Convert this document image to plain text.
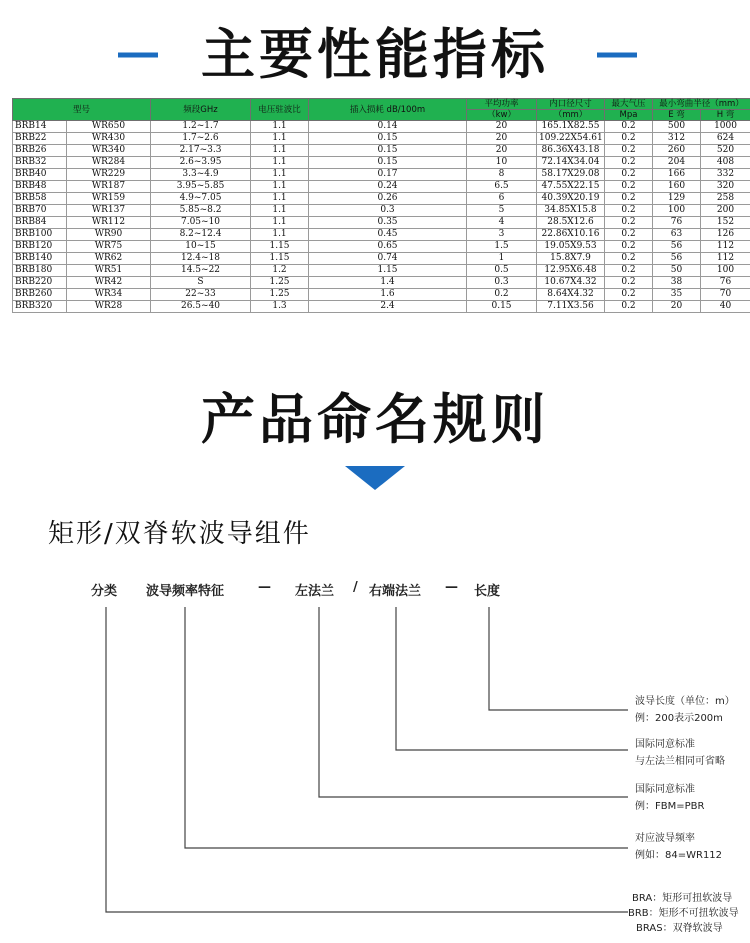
主要性能指标
型号		频段GHz	电压驻波比	插入损耗 dB/100m	平均功率	内口径尺寸	最大气压	最小弯曲半径（mm）	
					（kw）	（mm）	Mpa	E 弯	H 弯
BRB14	WR650	1.2~1.7	1.1	0.14	20	165.1X82.55	0.2	500	1000
BRB22	WR430	1.7~2.6	1.1	0.15	20	109.22X54.61	0.2	312	624
BRB26	WR340	2.17~3.3	1.1	0.15	20	86.36X43.18	0.2	260	520
BRB32	WR284	2.6~3.95	1.1	0.15	10	72.14X34.04	0.2	204	408
BRB40	WR229	3.3~4.9	1.1	0.17	8	58.17X29.08	0.2	166	332
BRB48	WR187	3.95~5.85	1.1	0.24	6.5	47.55X22.15	0.2	160	320
BRB58	WR159	4.9~7.05	1.1	0.26	6	40.39X20.19	0.2	129	258
BRB70	WR137	5.85~8.2	1.1	0.3	5	34.85X15.8	0.2	100	200
BRB84	WR112	7.05~10	1.1	0.35	4	28.5X12.6	0.2	76	152
BRB100	WR90	8.2~12.4	1.1	0.45	3	22.86X10.16	0.2	63	126
BRB120	WR75	10~15	1.15	0.65	1.5	19.05X9.53	0.2	56	112
BRB140	WR62	12.4~18	1.15	0.74	1	15.8X7.9	0.2	56	112
BRB180	WR51	14.5~22	1.2	1.15	0.5	12.95X6.48	0.2	50	100
BRB220	WR42	S	1.25	1.4	0.3	10.67X4.32	0.2	38	76
BRB260	WR34	22~33	1.25	1.6	0.2	8.64X4.32	0.2	35	70
BRB320	WR28	26.5~40	1.3	2.4	0.15	7.11X3.56	0.2	20	40
产品命名规则
矩形/双脊软波导组件
分类 波导频率特征	— 左法兰 / 右端法兰 — 长度
波导长度（单位：m）
例：200表示200m
国际同意标准
与左法兰相同可省略
国际同意标准
例：FBM=PBR
对应波导频率
例如：84=WR112
BRA：矩形可扭软波导
BRB：矩形不可扭软波导
BRAS：双脊软波导
